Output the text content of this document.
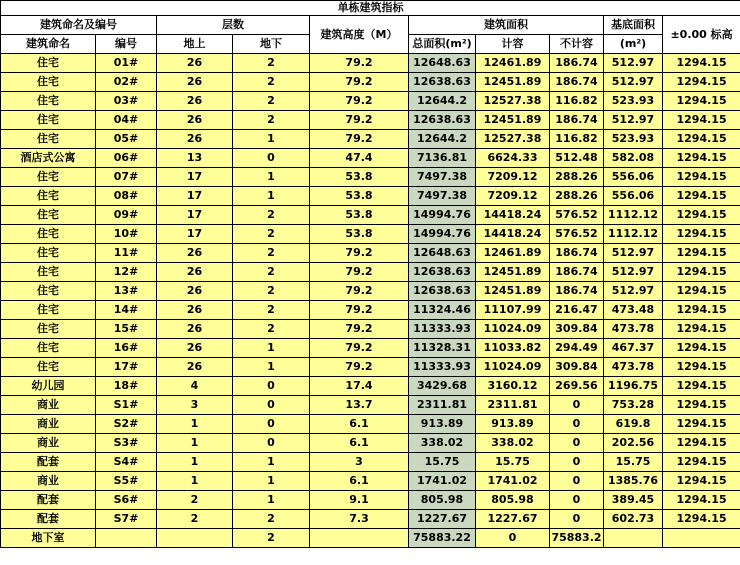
单栋建筑指标									
建筑命名及编号		层数		建筑高度（M）	建筑面积			基底面积	±0.00 标高
建筑命名	编号	地上	地下		总面积(m²)	计容	不计容	(m²)	
住宅	01#	26	2	79.2	12648.63	12461.89	186.74	512.97	1294.15
住宅	02#	26	2	79.2	12638.63	12451.89	186.74	512.97	1294.15
住宅	03#	26	2	79.2	12644.2	12527.38	116.82	523.93	1294.15
住宅	04#	26	2	79.2	12638.63	12451.89	186.74	512.97	1294.15
住宅	05#	26	1	79.2	12644.2	12527.38	116.82	523.93	1294.15
酒店式公寓	06#	13	0	47.4	7136.81	6624.33	512.48	582.08	1294.15
住宅	07#	17	1	53.8	7497.38	7209.12	288.26	556.06	1294.15
住宅	08#	17	1	53.8	7497.38	7209.12	288.26	556.06	1294.15
住宅	09#	17	2	53.8	14994.76	14418.24	576.52	1112.12	1294.15
住宅	10#	17	2	53.8	14994.76	14418.24	576.52	1112.12	1294.15
住宅	11#	26	2	79.2	12648.63	12461.89	186.74	512.97	1294.15
住宅	12#	26	2	79.2	12638.63	12451.89	186.74	512.97	1294.15
住宅	13#	26	2	79.2	12638.63	12451.89	186.74	512.97	1294.15
住宅	14#	26	2	79.2	11324.46	11107.99	216.47	473.48	1294.15
住宅	15#	26	2	79.2	11333.93	11024.09	309.84	473.78	1294.15
住宅	16#	26	1	79.2	11328.31	11033.82	294.49	467.37	1294.15
住宅	17#	26	1	79.2	11333.93	11024.09	309.84	473.78	1294.15
幼儿园	18#	4	0	17.4	3429.68	3160.12	269.56	1196.75	1294.15
商业	S1#	3	0	13.7	2311.81	2311.81	0	753.28	1294.15
商业	S2#	1	0	6.1	913.89	913.89	0	619.8	1294.15
商业	S3#	1	0	6.1	338.02	338.02	0	202.56	1294.15
配套	S4#	1	1	3	15.75	15.75	0	15.75	1294.15
商业	S5#	1	1	6.1	1741.02	1741.02	0	1385.76	1294.15
配套	S6#	2	1	9.1	805.98	805.98	0	389.45	1294.15
配套	S7#	2	2	7.3	1227.67	1227.67	0	602.73	1294.15
地下室			2		75883.22	0	75883.2		
